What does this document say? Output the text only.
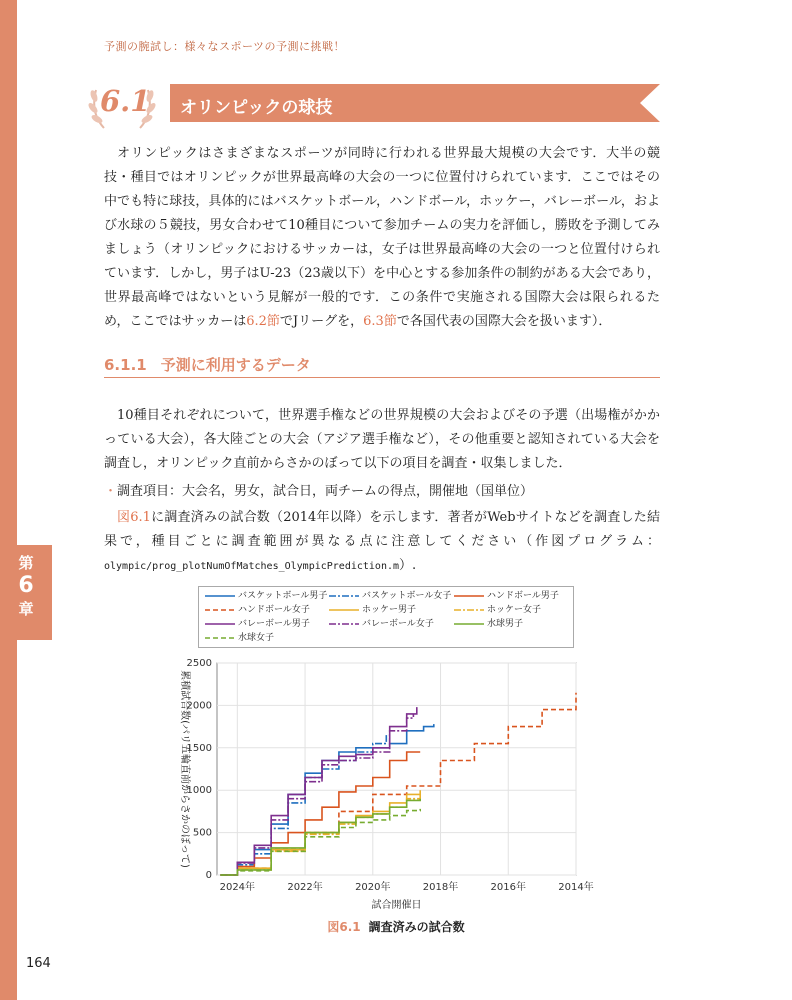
第
6
章
予測の腕試し：様々なスポーツの予測に挑戦！
6.1 オリンピックの球技

オリンピックはさまざまなスポーツが同時に行われる世界最大規模の大会です．大半の競技・種目ではオリンピックが世界最高峰の大会の一つに位置付けられています．ここではその中でも特に球技，具体的にはバスケットボール，ハンドボール，ホッケー，バレーボール，および水球の５競技，男女合わせて10種目について参加チームの実力を評価し，勝敗を予測してみましょう（オリンピックにおけるサッカーは，女子は世界最高峰の大会の一つと位置付けられています．しかし，男子はU-23（23歳以下）を中心とする参加条件の制約がある大会であり，世界最高峰ではないという見解が一般的です．この条件で実施される国際大会は限られるため，ここではサッカーは6.2節でJリーグを，6.3節で各国代表の国際大会を扱います）．

6.1.1 予測に利用するデータ

10種目それぞれについて，世界選手権などの世界規模の大会およびその予選（出場権がかかっている大会），各大陸ごとの大会（アジア選手権など），その他重要と認知されている大会を調査し，オリンピック直前からさかのぼって以下の項目を調査・収集しました．

・調査項目：大会名，男女，試合日，両チームの得点，開催地（国単位）

図6.1に調査済みの試合数（2014年以降）を示します．著者がWebサイトなどを調査した結果で，種目ごとに調査範囲が異なる点に注意してください（作図プログラム：olympic/prog_plotNumOfMatches_OlympicPrediction.m）.

バスケットボール男子	バスケットボール女子	ハンドボール男子
ハンドボール女子	ホッケー男子	ホッケー女子
バレーボール男子	バレーボール女子	水球男子
水球女子
0
500
1000
1500
2000
2500
2024年	2022年	2020年	2018年	2016年	2014年
試合開催日
累積試合数(パリ五輪直前からさかのぼって)
図6.1 調査済みの試合数
164
